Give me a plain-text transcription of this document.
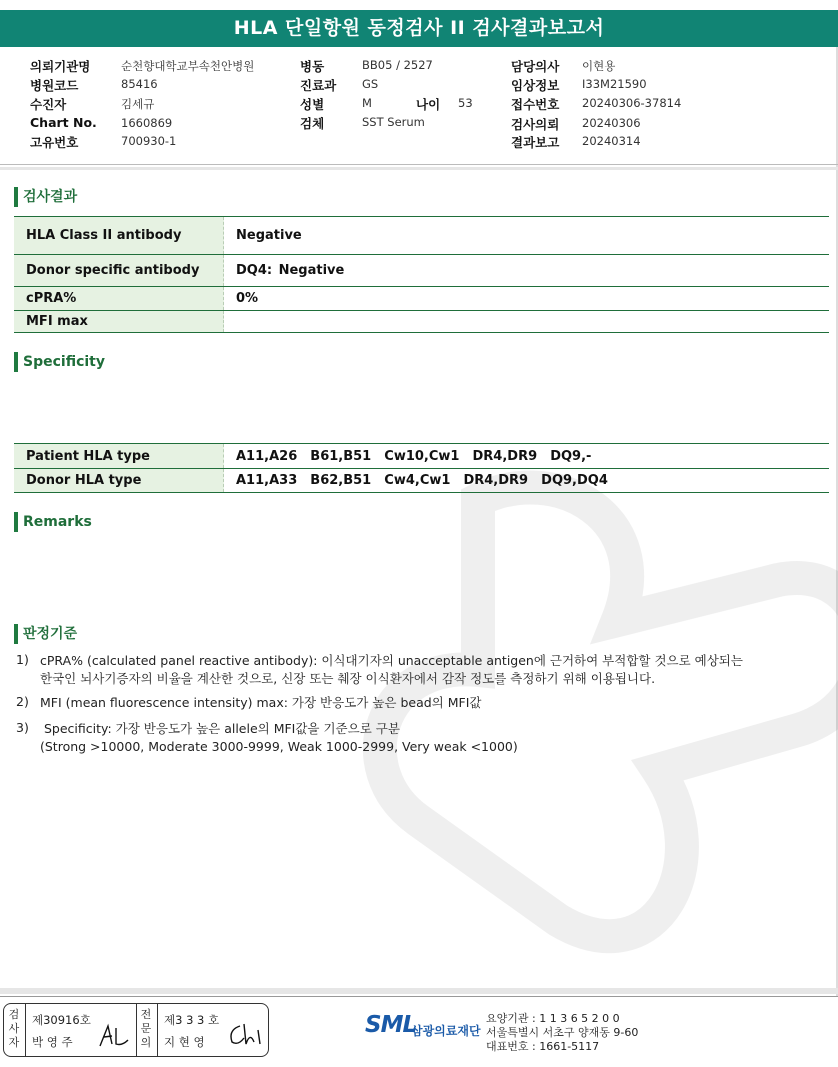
HLA 단일항원 동정검사 II 검사결과보고서
의뢰기관명	순천향대학교부속천안병원
병원코드	85416
수진자	김세규
Chart No. 1660869
고유번호	700930-1
병동	BB05 / 2527
진료과 GS
성별	M	나이 53
검체	SST Serum
담당의사 이현용
임상정보 I33M21590
접수번호 20240306-37814
검사의뢰 20240306
결과보고 20240314
검사결과
HLA Class II antibody	Negative
Donor specific antibody	DQ4: Negative
cPRA%	0%
MFI max
Specificity
Patient HLA type	A11,A26  B61,B51  Cw10,Cw1  DR4,DR9  DQ9,-
Donor HLA type	A11,A33  B62,B51  Cw4,Cw1  DR4,DR9  DQ9,DQ4
Remarks
판정기준
1) cPRA% (calculated panel reactive antibody): 이식대기자의 unacceptable antigen에 근거하여 부적합할 것으로 예상되는
한국인 뇌사기증자의 비율을 계산한 것으로, 신장 또는 췌장 이식환자에서 감작 정도를 측정하기 위해 이용됩니다.
2) MFI (mean fluorescence intensity) max: 가장 반응도가 높은 bead의 MFI값
3) Specificity: 가장 반응도가 높은 allele의 MFI값을 기준으로 구분
(Strong >10000, Moderate 3000-9999, Weak 1000-2999, Very weak <1000)
검
사
자
제30916호
박 영 주
전
문
의
제3 3 3 호
지 현 영
SML
삼광의료재단
요양기관 : 1 1 3 6 5 2 0 0
서울특별시 서초구 양재동 9-60
대표번호 : 1661-5117
